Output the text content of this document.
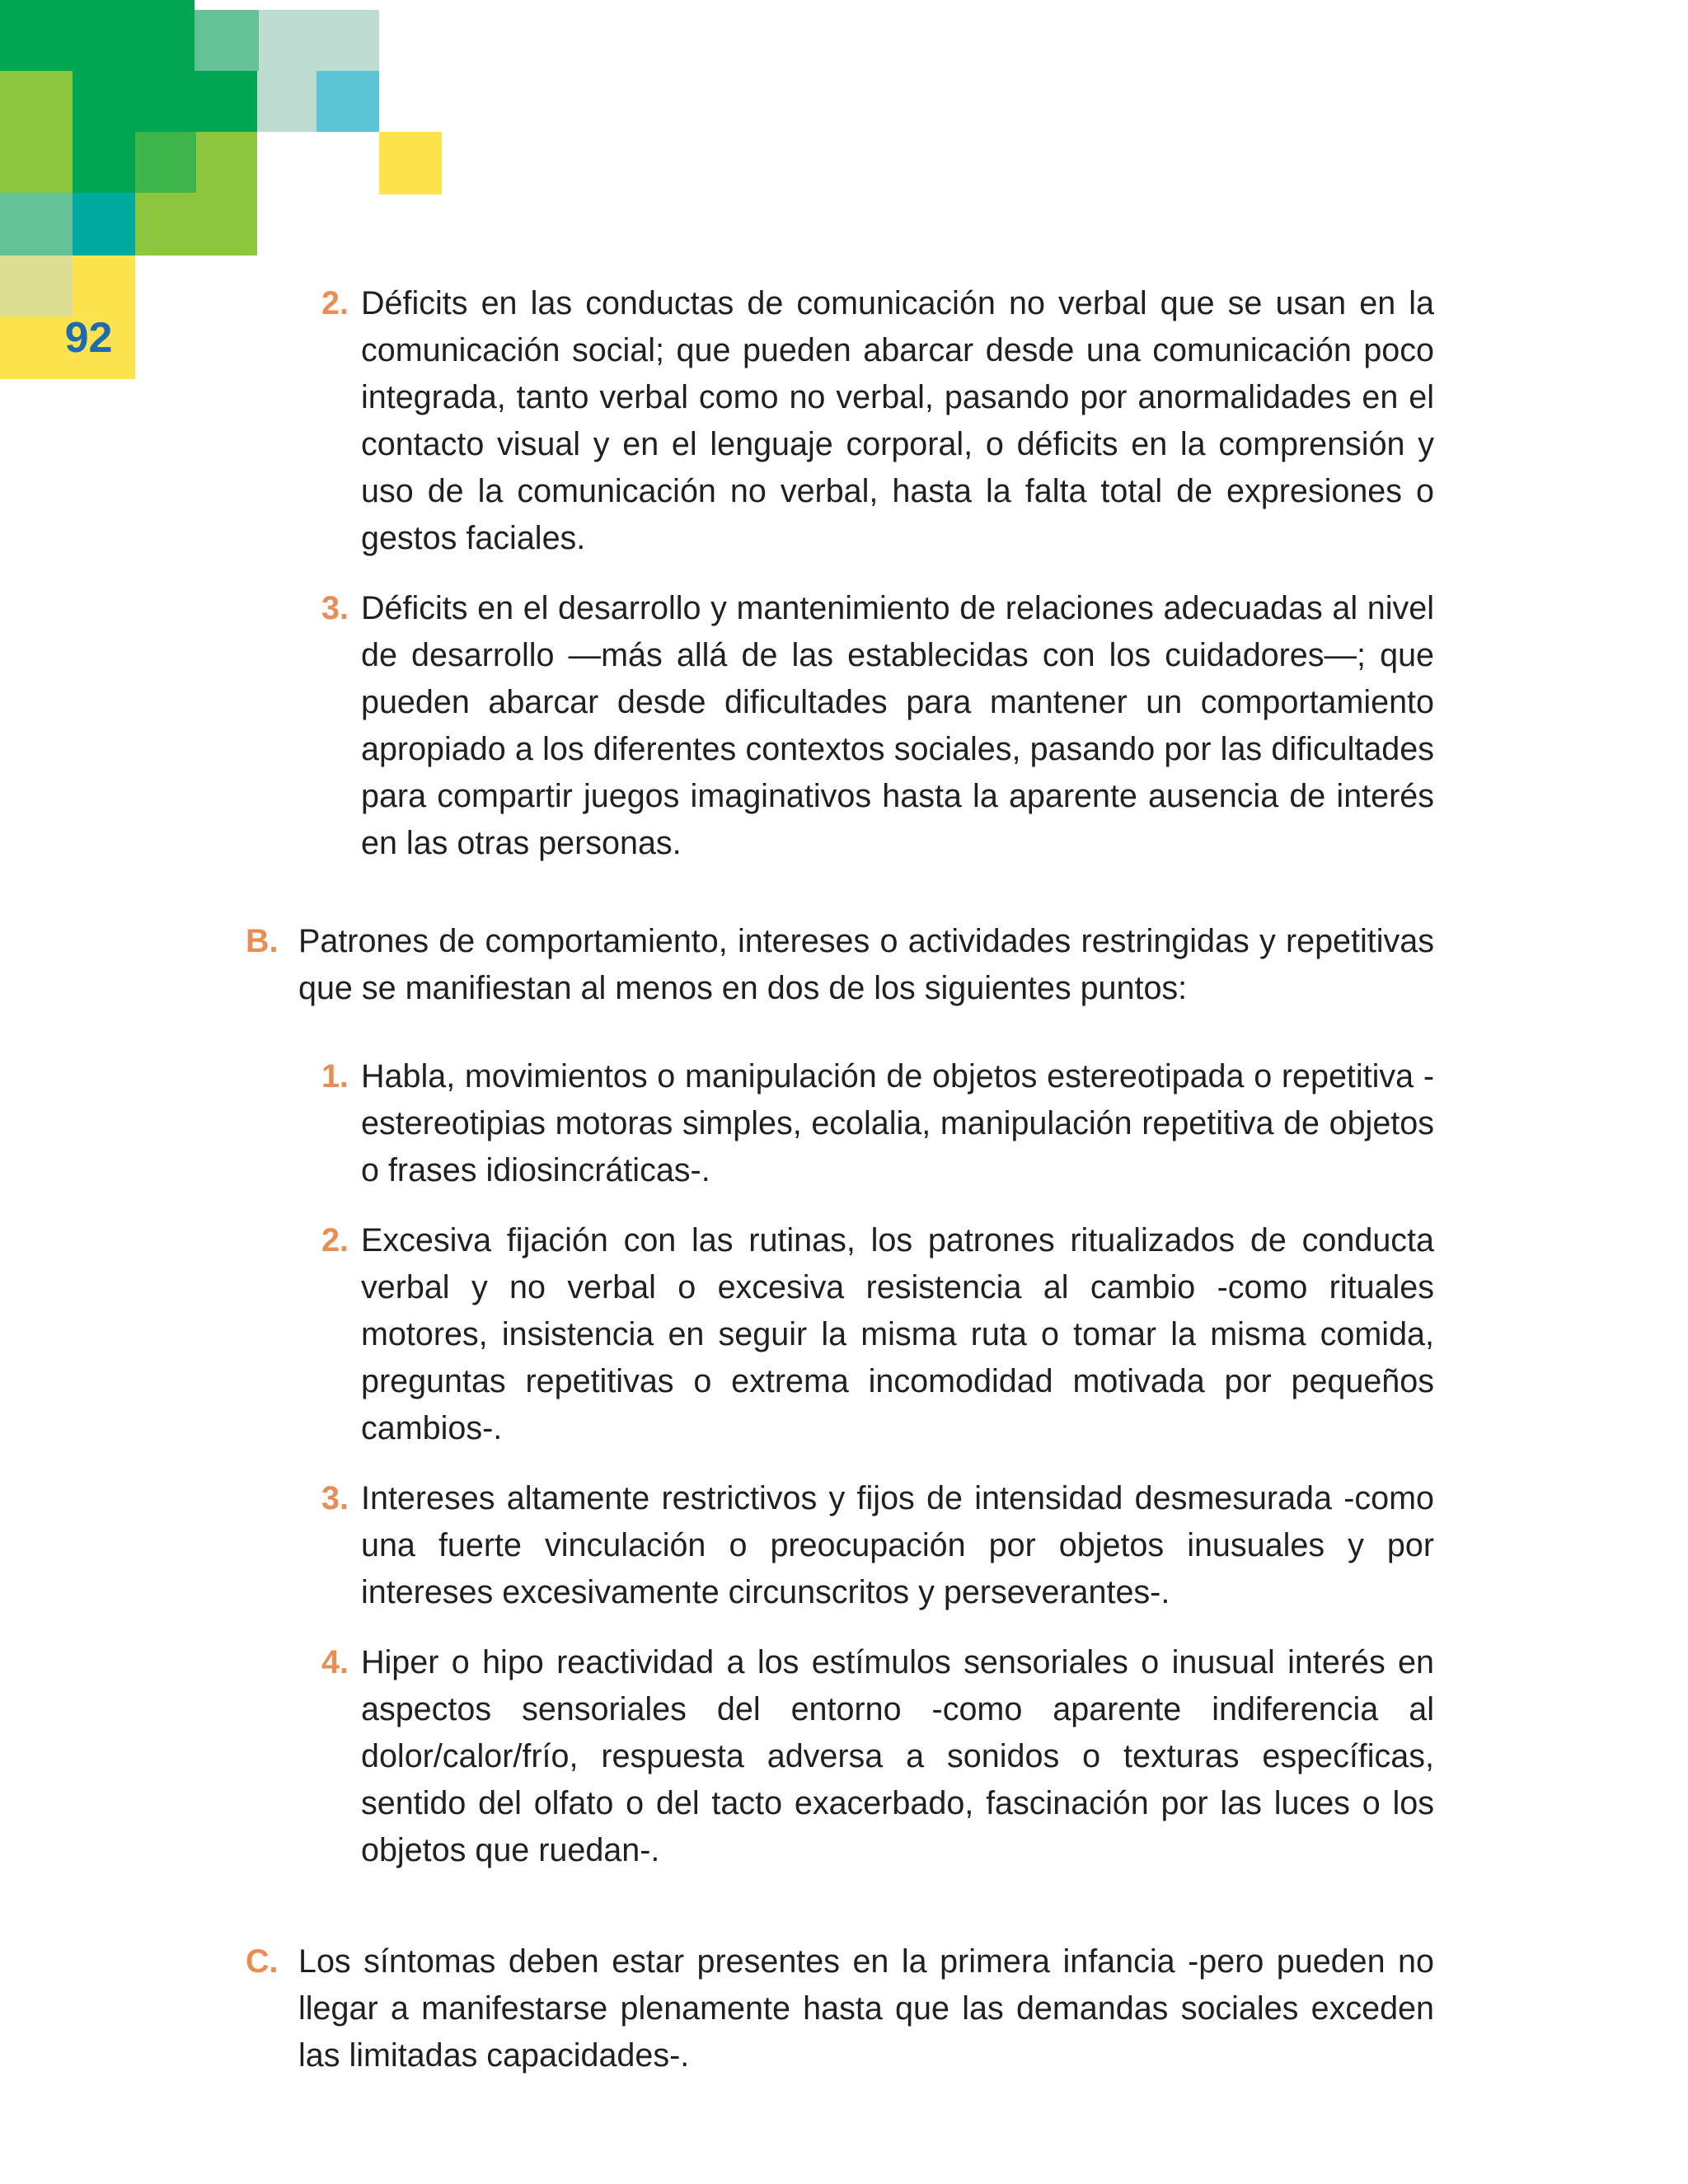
92
2. Déficits en las conductas de comunicación no verbal que se usan en la comunicación social; que pueden abarcar desde una comunicación poco integrada, tanto verbal como no verbal, pasando por anormalidades en el contacto visual y en el lenguaje corporal, o déficits en la comprensión y uso de la comunicación no verbal, hasta la falta total de expresiones o gestos faciales.
3. Déficits en el desarrollo y mantenimiento de relaciones adecuadas al nivel de desarrollo —más allá de las establecidas con los cuidadores—; que pueden abarcar desde dificultades para mantener un comportamiento apropiado a los diferentes contextos sociales, pasando por las dificultades para compartir juegos imaginativos hasta la aparente ausencia de interés en las otras personas.
B. Patrones de comportamiento, intereses o actividades restringidas y repetitivas que se manifiestan al menos en dos de los siguientes puntos:
1. Habla, movimientos o manipulación de objetos estereotipada o repetitiva -estereotipias motoras simples, ecolalia, manipulación repetitiva de objetos o frases idiosincráticas-.
2. Excesiva fijación con las rutinas, los patrones ritualizados de conducta verbal y no verbal o excesiva resistencia al cambio -como rituales motores, insistencia en seguir la misma ruta o tomar la misma comida, preguntas repetitivas o extrema incomodidad motivada por pequeños cambios-.
3. Intereses altamente restrictivos y fijos de intensidad desmesurada -como una fuerte vinculación o preocupación por objetos inusuales y por intereses excesivamente circunscritos y perseverantes-.
4. Hiper o hipo reactividad a los estímulos sensoriales o inusual interés en aspectos sensoriales del entorno -como aparente indiferencia al dolor/calor/frío, respuesta adversa a sonidos o texturas específicas, sentido del olfato o del tacto exacerbado, fascinación por las luces o los objetos que ruedan-.
C. Los síntomas deben estar presentes en la primera infancia -pero pueden no llegar a manifestarse plenamente hasta que las demandas sociales exceden las limitadas capacidades-.
